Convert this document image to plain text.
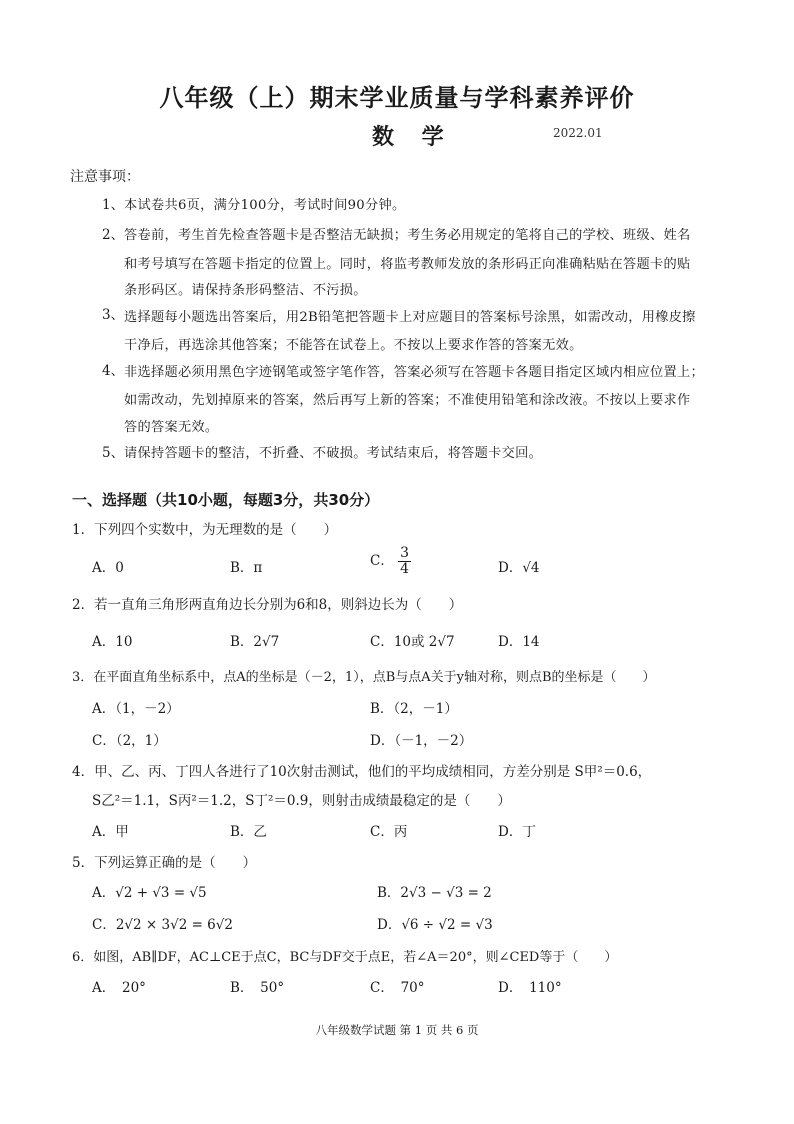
八年级（上）期末学业质量与学科素养评价
数 学	2022.01
注意事项：
1、 本试卷共6页，满分100分，考试时间90分钟。
2、 答卷前，考生首先检查答题卡是否整洁无缺损；考生务必用规定的笔将自己的学校、班级、姓名
和考号填写在答题卡指定的位置上。同时，将监考教师发放的条形码正向准确粘贴在答题卡的贴
条形码区。请保持条形码整洁、不污损。
3、 选择题每小题选出答案后，用2B铅笔把答题卡上对应题目的答案标号涂黑，如需改动，用橡皮擦
干净后，再选涂其他答案；不能答在试卷上。不按以上要求作答的答案无效。
4、 非选择题必须用黑色字迹钢笔或签字笔作答，答案必须写在答题卡各题目指定区域内相应位置上；
如需改动，先划掉原来的答案，然后再写上新的答案；不准使用铅笔和涂改液。不按以上要求作
答的答案无效。
5、 请保持答题卡的整洁，不折叠、不破损。考试结束后，将答题卡交回。
一、选择题（共10小题，每题3分，共30分）
1．下列四个实数中，为无理数的是（　　）
A．0	B．π	C． $\frac{3}{4}$	D．√4
2．若一直角三角形两直角边长分别为6和8，则斜边长为（　　）
A．10	B．2√7	C．10或 2√7	D．14
3．在平面直角坐标系中，点A的坐标是（－2，1），点B与点A关于y轴对称，则点B的坐标是（　　）
A．（1，－2）	B．（2，－1）
C．（2，1）	D．（－1，－2）
4．甲、乙、丙、丁四人各进行了10次射击测试，他们的平均成绩相同，方差分别是 S甲²＝0.6，
S乙²＝1.1，S丙²＝1.2，S丁²＝0.9，则射击成绩最稳定的是（　　）
A．甲	B．乙	C．丙	D．丁
5．下列运算正确的是（　　）
A．√2 + √3 = √5	B．2√3 − √3 = 2
C．2√2 × 3√2 = 6√2	D．√6 ÷ √2 = √3
6．如图，AB∥DF，AC⊥CE于点C，BC与DF交于点E，若∠A＝20°，则∠CED等于（　　）
A．　20°	B．　50°	C．　70°	D．　110°
八年级数学试题 第 1 页 共 6 页
